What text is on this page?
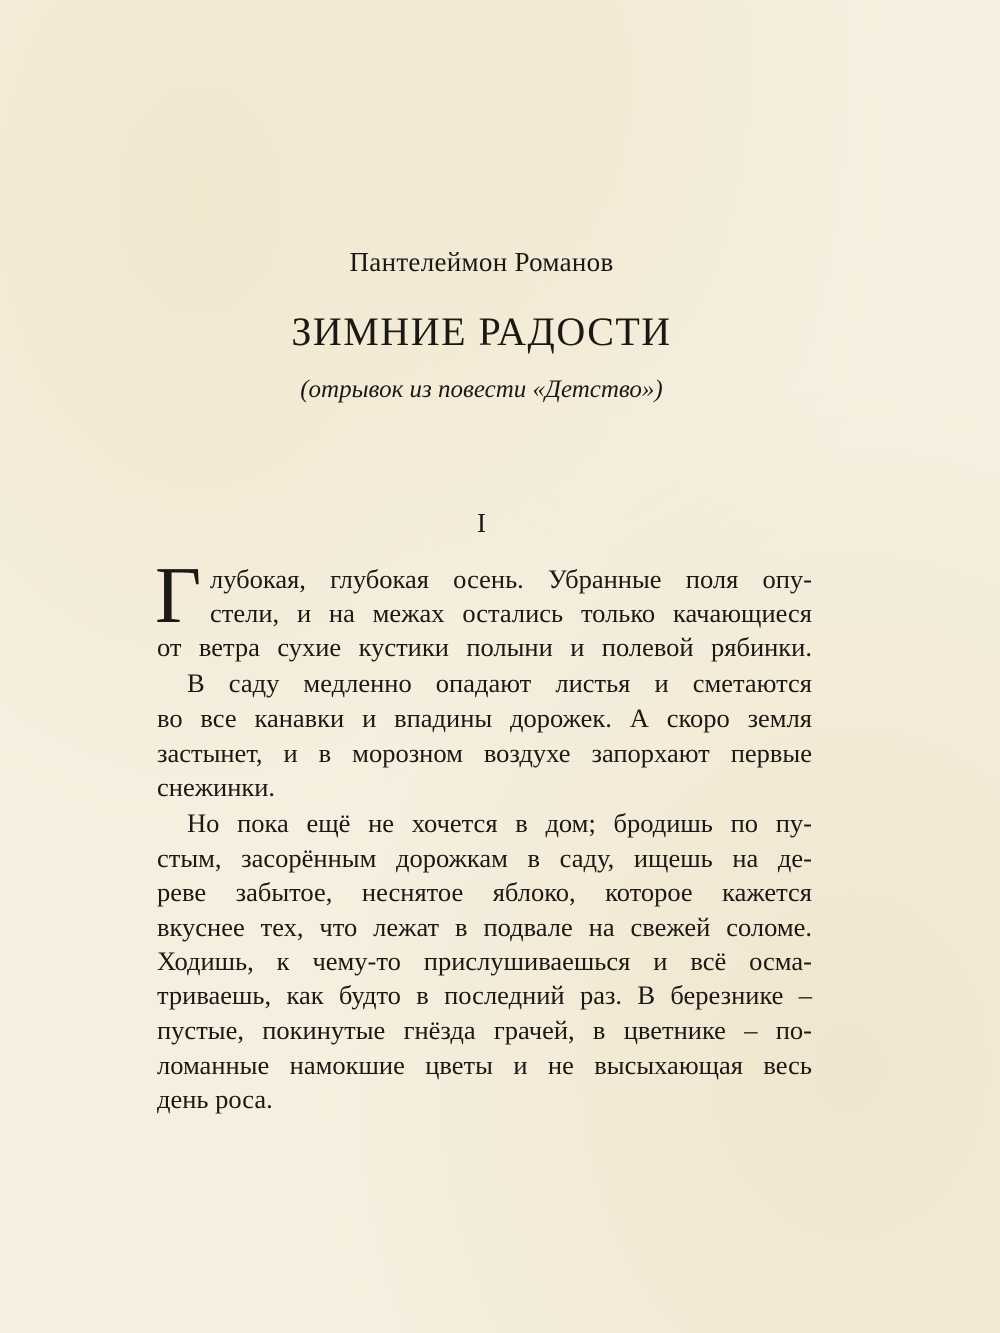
Пантелеймон Романов
ЗИМНИЕ РАДОСТИ
(отрывок из повести «Детство»)
I
Г лубокая, глубокая осень. Убранные поля опу-
стели, и на межах остались только качающиеся
от ветра сухие кустики полыни и полевой рябинки.
В саду медленно опадают листья и сметаются
во все канавки и впадины дорожек. А скоро земля
застынет, и в морозном воздухе запорхают первые
снежинки.
Но пока ещё не хочется в дом; бродишь по пу-
стым, засорённым дорожкам в саду, ищешь на де-
реве забытое, неснятое яблоко, которое кажется
вкуснее тех, что лежат в подвале на свежей соломе.
Ходишь, к чему-то прислушиваешься и всё осма-
триваешь, как будто в последний раз. В березнике –
пустые, покинутые гнёзда грачей, в цветнике – по-
ломанные намокшие цветы и не высыхающая весь
день роса.
